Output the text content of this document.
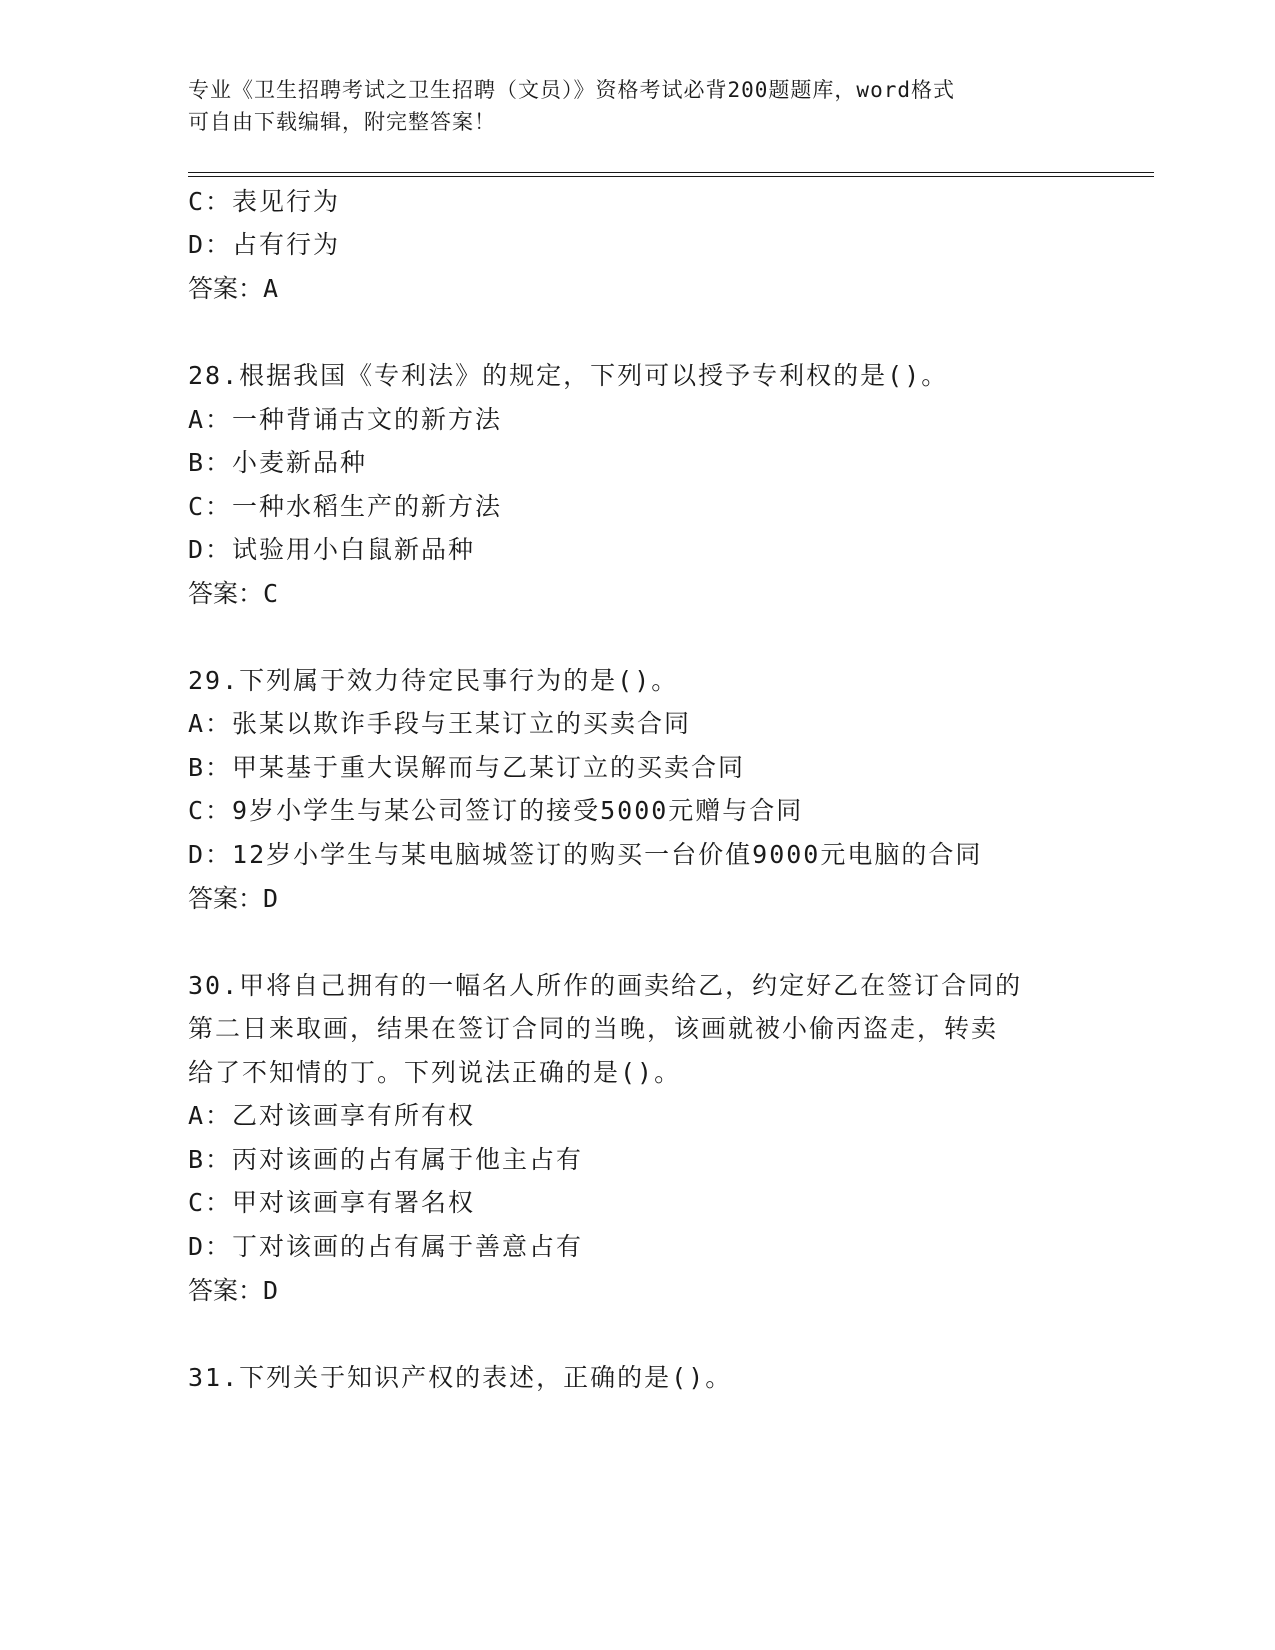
专业《卫生招聘考试之卫生招聘（文员）》资格考试必背200题题库，word格式
可自由下载编辑，附完整答案！
C：表见行为
D：占有行为
答案：A
28.根据我国《专利法》的规定，下列可以授予专利权的是()。
A：一种背诵古文的新方法
B：小麦新品种
C：一种水稻生产的新方法
D：试验用小白鼠新品种
答案：C
29.下列属于效力待定民事行为的是()。
A：张某以欺诈手段与王某订立的买卖合同
B：甲某基于重大误解而与乙某订立的买卖合同
C：9岁小学生与某公司签订的接受5000元赠与合同
D：12岁小学生与某电脑城签订的购买一台价值9000元电脑的合同
答案：D
30.甲将自己拥有的一幅名人所作的画卖给乙，约定好乙在签订合同的
第二日来取画，结果在签订合同的当晚，该画就被小偷丙盗走，转卖
给了不知情的丁。下列说法正确的是()。
A：乙对该画享有所有权
B：丙对该画的占有属于他主占有
C：甲对该画享有署名权
D：丁对该画的占有属于善意占有
答案：D
31.下列关于知识产权的表述，正确的是()。
